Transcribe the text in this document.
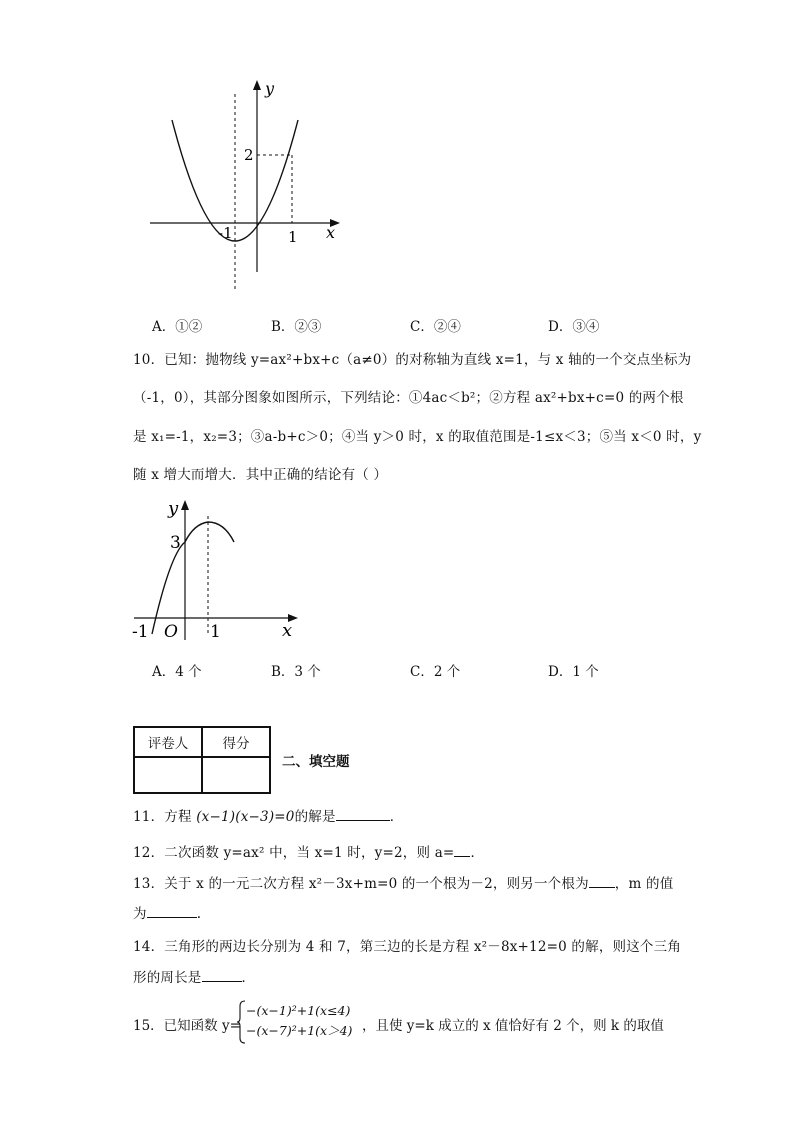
y
x
2
-1	1
A．①②	B．②③	C．②④	D．③④
10．已知：抛物线 y=ax²+bx+c（a≠0）的对称轴为直线 x=1，与 x 轴的一个交点坐标为
（-1，0），其部分图象如图所示，下列结论：①4ac＜b²；②方程 ax²+bx+c=0 的两个根
是 x₁=-1，x₂=3；③a-b+c＞0；④当 y＞0 时，x 的取值范围是-1≤x＜3；⑤当 x＜0 时，y
随 x 增大而增大．其中正确的结论有（ ）
y
x
3
-1 O 1
A．4 个	B．3 个	C．2 个	D．1 个
评卷人	得分

二、填空题
11．方程 (x−1)(x−3)=0的解是	．
12．二次函数 y=ax² 中，当 x=1 时，y=2，则 a= ．
13．关于 x 的一元二次方程 x²－3x+m=0 的一个根为－2，则另一个根为 ，m 的值
为	.
14．三角形的两边长分别为 4 和 7，第三边的长是方程 x²－8x+12=0 的解，则这个三角
形的周长是	．
15．已知函数 y=
−(x−1)²+1(x≤4)
−(x−7)²+1(x＞4) ，且使 y=k 成立的 x 值恰好有 2 个，则 k 的取值
